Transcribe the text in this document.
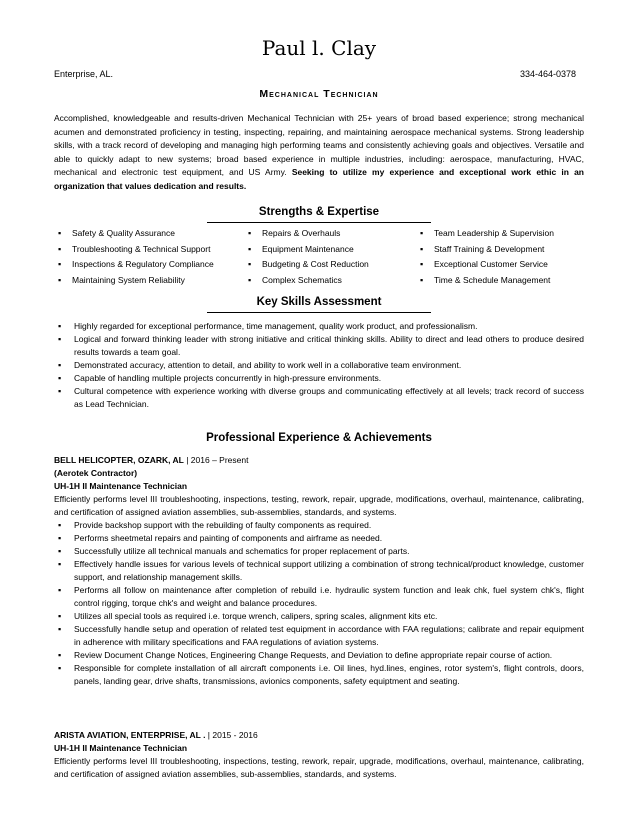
Paul l. Clay
Enterprise, AL.	334-464-0378
Mechanical Technician
Accomplished, knowledgeable and results-driven Mechanical Technician with 25+ years of broad based experience; strong mechanical acumen and demonstrated proficiency in testing, inspecting, repairing, and maintaining aerospace mechanical systems. Strong leadership skills, with a track record of developing and managing high performing teams and consistently achieving goals and objectives. Versatile and able to quickly adapt to new systems; broad based experience in multiple industries, including: aerospace, manufacturing, HVAC, mechanical and electronic test equipment, and US Army. Seeking to utilize my experience and exceptional work ethic in an organization that values dedication and results.
Strengths & Expertise
▪ Safety & Quality Assurance
▪ Troubleshooting & Technical Support
▪ Inspections & Regulatory Compliance
▪ Maintaining System Reliability
▪ Repairs & Overhauls
▪ Equipment Maintenance
▪ Budgeting & Cost Reduction
▪ Complex Schematics
▪ Team Leadership & Supervision
▪ Staff Training & Development
▪ Exceptional Customer Service
▪ Time & Schedule Management
Key Skills Assessment
▪ Highly regarded for exceptional performance, time management, quality work product, and professionalism.
▪ Logical and forward thinking leader with strong initiative and critical thinking skills. Ability to direct and lead others to produce desired results towards a team goal.
▪ Demonstrated accuracy, attention to detail, and ability to work well in a collaborative team environment.
▪ Capable of handling multiple projects concurrently in high-pressure environments.
▪ Cultural competence with experience working with diverse groups and communicating effectively at all levels; track record of success as Lead Technician.
Professional Experience & Achievements
BELL HELICOPTER, OZARK, AL | 2016 – Present
(Aerotek Contractor)
UH-1H II Maintenance Technician
Efficiently performs level III troubleshooting, inspections, testing, rework, repair, upgrade, modifications, overhaul, maintenance, calibrating, and certification of assigned aviation assemblies, sub-assemblies, standards, and systems.
▪ Provide backshop support with the rebuilding of faulty components as required.
▪ Performs sheetmetal repairs and painting of components and airframe as needed.
▪ Successfully utilize all technical manuals and schematics for proper replacement of parts.
▪ Effectively handle issues for various levels of technical support utilizing a combination of strong technical/product knowledge, customer support, and relationship management skills.
▪ Performs all follow on maintenance after completion of rebuild i.e. hydraulic system function and leak chk, fuel system chk's, flight control rigging, torque chk's and weight and balance procedures.
▪ Utilizes all special tools as required i.e. torque wrench, calipers, spring scales, alignment kits etc.
▪ Successfully handle setup and operation of related test equipment in accordance with FAA regulations; calibrate and repair equipment in adherence with military specifications and FAA regulations of aviation systems.
▪ Review Document Change Notices, Engineering Change Requests, and Deviation to define appropriate repair course of action.
▪ Responsible for complete installation of all aircraft components i.e. Oil lines, hyd.lines, engines, rotor system's, flight controls, doors, panels, landing gear, drive shafts, transmissions, avionics components, safety equiptment and seating.
ARISTA AVIATION, ENTERPRISE, AL . | 2015 - 2016
UH-1H II Maintenance Technician
Efficiently performs level III troubleshooting, inspections, testing, rework, repair, upgrade, modifications, overhaul, maintenance, calibrating, and certification of assigned aviation assemblies, sub-assemblies, standards, and systems.
